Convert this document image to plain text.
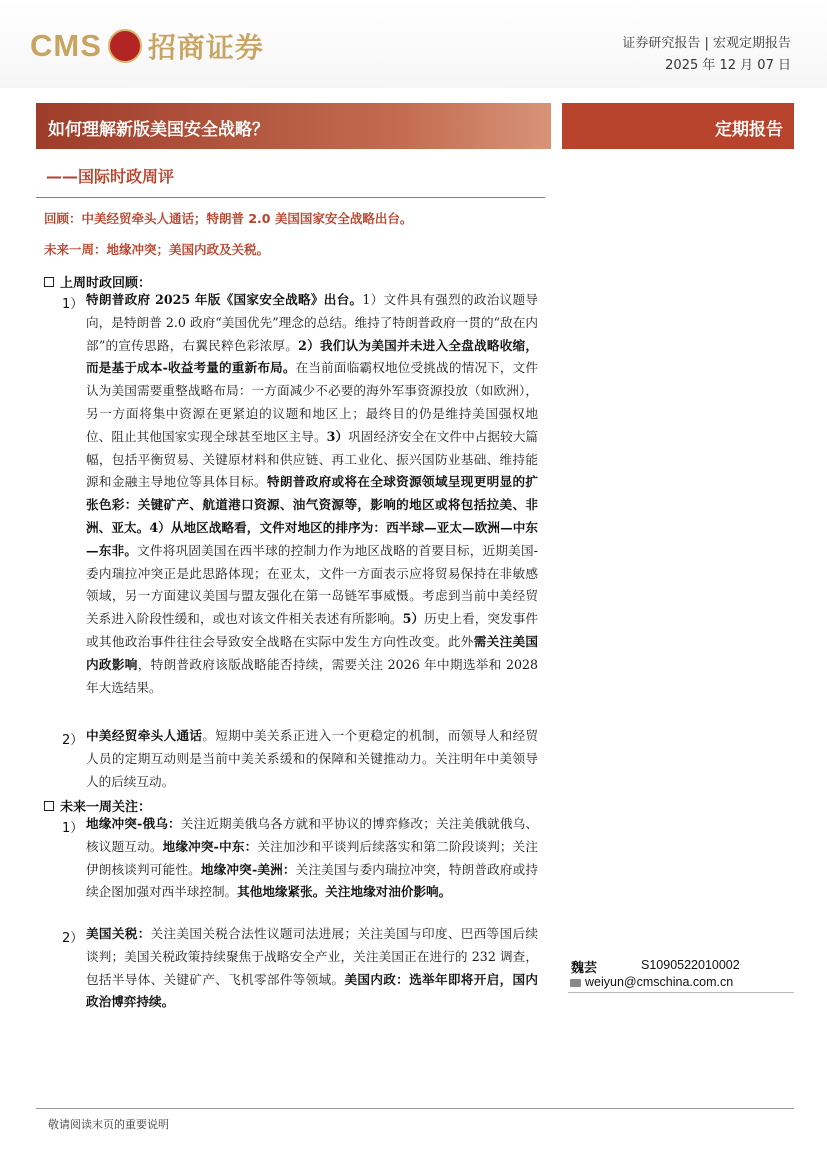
CMS 招商证券	证券研究报告 | 宏观定期报告
2025 年 12 月 07 日
如何理解新版美国安全战略？	定期报告
——国际时政周评
回顾：中美经贸牵头人通话；特朗普 2.0 美国国家安全战略出台。
未来一周：地缘冲突；美国内政及关税。
上周时政回顾：
1） 特朗普政府 2025 年版《国家安全战略》出台。1）文件具有强烈的政治议题导向，是特朗普 2.0 政府“美国优先”理念的总结。维持了特朗普政府一贯的“敌在内部”的宣传思路，右翼民粹色彩浓厚。2）我们认为美国并未进入全盘战略收缩，而是基于成本-收益考量的重新布局。在当前面临霸权地位受挑战的情况下，文件认为美国需要重整战略布局：一方面减少不必要的海外军事资源投放（如欧洲），另一方面将集中资源在更紧迫的议题和地区上；最终目的仍是维持美国强权地位、阻止其他国家实现全球甚至地区主导。3）巩固经济安全在文件中占据较大篇幅，包括平衡贸易、关键原材料和供应链、再工业化、振兴国防业基础、维持能源和金融主导地位等具体目标。特朗普政府或将在全球资源领域呈现更明显的扩张色彩：关键矿产、航道港口资源、油气资源等，影响的地区或将包括拉美、非洲、亚太。4）从地区战略看，文件对地区的排序为：西半球—亚太—欧洲—中东—东非。文件将巩固美国在西半球的控制力作为地区战略的首要目标，近期美国-委内瑞拉冲突正是此思路体现；在亚太，文件一方面表示应将贸易保持在非敏感领域，另一方面建议美国与盟友强化在第一岛链军事威慑。考虑到当前中美经贸关系进入阶段性缓和，或也对该文件相关表述有所影响。5）历史上看，突发事件或其他政治事件往往会导致安全战略在实际中发生方向性改变。此外需关注美国内政影响，特朗普政府该版战略能否持续，需要关注 2026 年中期选举和 2028 年大选结果。
2） 中美经贸牵头人通话。短期中美关系正进入一个更稳定的机制，而领导人和经贸人员的定期互动则是当前中美关系缓和的保障和关键推动力。关注明年中美领导人的后续互动。
未来一周关注：
1） 地缘冲突-俄乌：关注近期美俄乌各方就和平协议的博弈修改；关注美俄就俄乌、核议题互动。地缘冲突-中东：关注加沙和平谈判后续落实和第二阶段谈判；关注伊朗核谈判可能性。地缘冲突-美洲：关注美国与委内瑞拉冲突，特朗普政府或持续企图加强对西半球控制。其他地缘紧张。关注地缘对油价影响。
2） 美国关税：关注美国关税合法性议题司法进展；关注美国与印度、巴西等国后续谈判；美国关税政策持续聚焦于战略安全产业，关注美国正在进行的 232 调查，包括半导体、关键矿产、飞机零部件等领域。美国内政：选举年即将开启，国内政治博弈持续。
魏芸	S1090522010002
weiyun@cmschina.com.cn
敬请阅读末页的重要说明
